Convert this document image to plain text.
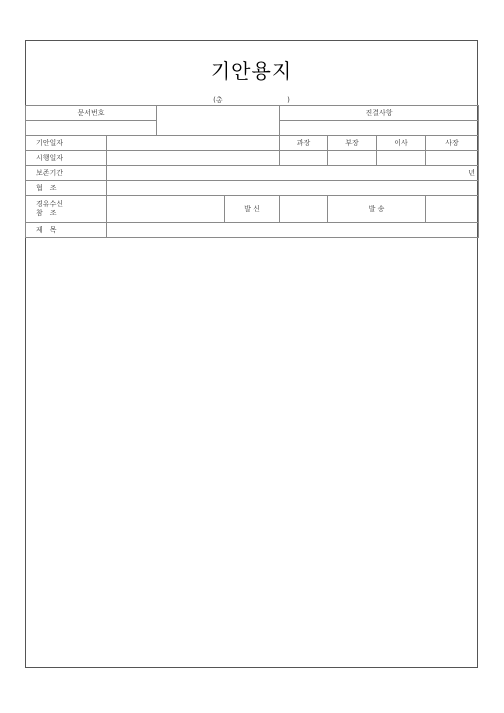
기안용지
(총	)
문서번호				진결사항			

기안일자				과장	부장	이사	사장
시행일자							
보존기간	년						
협　조							

경유수신
참　조			발 신		발 송		
제　목							
